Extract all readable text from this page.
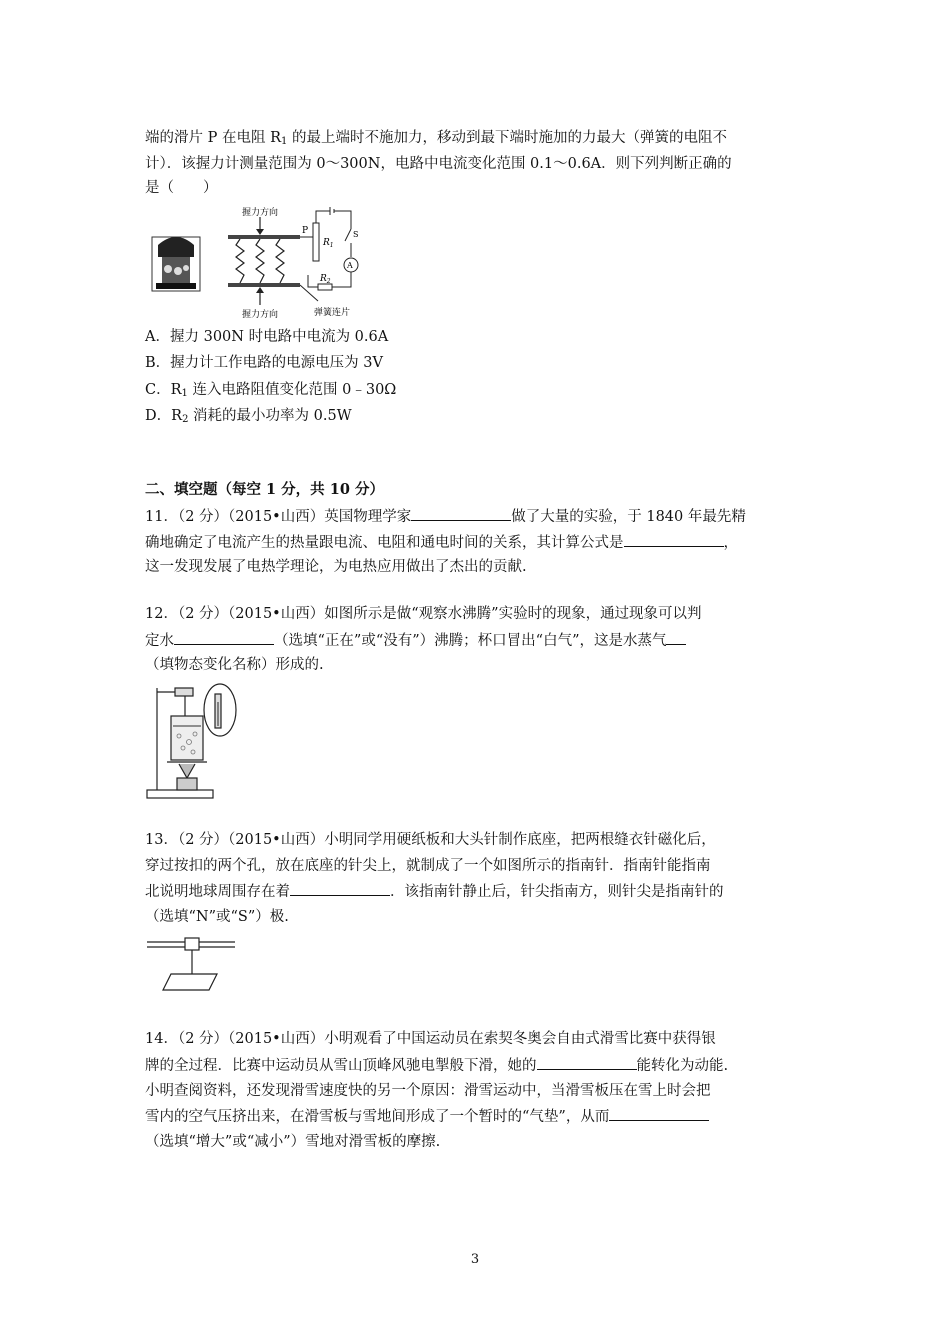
端的滑片 P 在电阻 $R_1$ 的最上端时不施加力，移动到最下端时施加的力最大（弹簧的电阻不
计）．该握力计测量范围为 0～300N，电路中电流变化范围 0.1～0.6A．则下列判断正确的
是（　　）
握力方向
握力方向
P
$R_1$
S
A
$R_2$
弹簧连片
A．握力 300N 时电路中电流为 0.6A
B．握力计工作电路的电源电压为 3V
C．$R_1$ 连入电路阻值变化范围 0﹣30Ω
D．$R_2$ 消耗的最小功率为 0.5W
二、填空题（每空 1 分，共 10 分）
11．（2 分）（2015•山西）英国物理学家	做了大量的实验，于 1840 年最先精
确地确定了电流产生的热量跟电流、电阻和通电时间的关系，其计算公式是	，
这一发现发展了电热学理论，为电热应用做出了杰出的贡献.
12．（2 分）（2015•山西）如图所示是做“观察水沸腾”实验时的现象，通过现象可以判
定水	（选填“正在”或“没有”）沸腾；杯口冒出“白气”，这是水蒸气
（填物态变化名称）形成的.
13．（2 分）（2015•山西）小明同学用硬纸板和大头针制作底座，把两根缝衣针磁化后，
穿过按扣的两个孔，放在底座的针尖上，就制成了一个如图所示的指南针．指南针能指南
北说明地球周围存在着	．该指南针静止后，针尖指南方，则针尖是指南针的
（选填“N”或“S”）极.
14．（2 分）（2015•山西）小明观看了中国运动员在索契冬奥会自由式滑雪比赛中获得银
牌的全过程．比赛中运动员从雪山顶峰风驰电掣般下滑，她的	能转化为动能.
小明查阅资料，还发现滑雪速度快的另一个原因：滑雪运动中，当滑雪板压在雪上时会把
雪内的空气压挤出来，在滑雪板与雪地间形成了一个暂时的“气垫”，从而
（选填“增大”或“减小”）雪地对滑雪板的摩擦.
3
